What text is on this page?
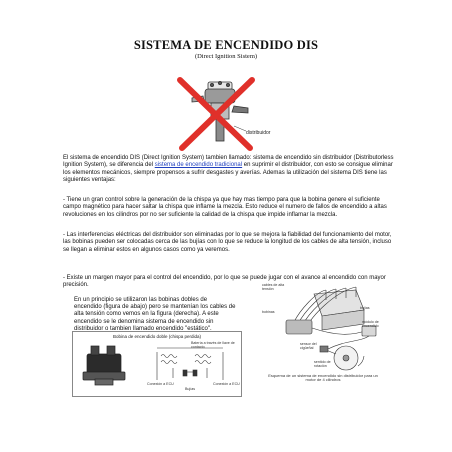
SISTEMA DE ENCENDIDO DIS
(Direct Ignition Sistem)
distribuidor

El sistema de encendido DIS (Direct Ignition System) tambien llamado: sistema de encendido sin distribuidor (Distributorless Ignition System), se diferencia del sistema de encendido tradicional en suprimir el distribuidor, con esto se consigue eliminar los elementos mecánicos, siempre propensos a sufrir desgastes y averías. Ademas la utilización del sistema DIS tiene las siguientes ventajas:

- Tiene un gran control sobre la generación de la chispa ya que hay mas tiempo para que la bobina genere el suficiente campo magnético para hacer saltar la chispa que inflame la mezcla. Esto reduce el numero de fallos de encendido a altas revoluciones en los cilindros por no ser suficiente la calidad de la chispa que impide inflamar la mezcla.
- Las interferencias eléctricas del distribuidor son eliminadas por lo que se mejora la fiabilidad del funcionamiento del motor, las bobinas pueden ser colocadas cerca de las bujías con lo que se reduce la longitud de los cables de alta tensión, incluso se llegan a eliminar estos en algunos casos como ya veremos.
- Existe un margen mayor para el control del encendido, por lo que se puede jugar con el avance al encendido con mayor precisión.
En un principio se utilizaron las bobinas dobles de encendido (figura de abajo) pero se mantenían los cables de alta tensión como vemos en la figura (derecha). A este encendido se le denomina sistema de encendido sin distribuidor o tambien llamado encendido "estático".
Bobina de encendido doble (chispa perdida)
Batería a través de llave de contacto
Conexión a ECU
Bujías
Conexión a ECU
cables de alta tensión
bobinas
bujías
módulo de encendido
sensor del cigüeñal
sentido de rotación
Esquema de un sistema de encendido sin distribuidor para un motor de 4 cilindros
